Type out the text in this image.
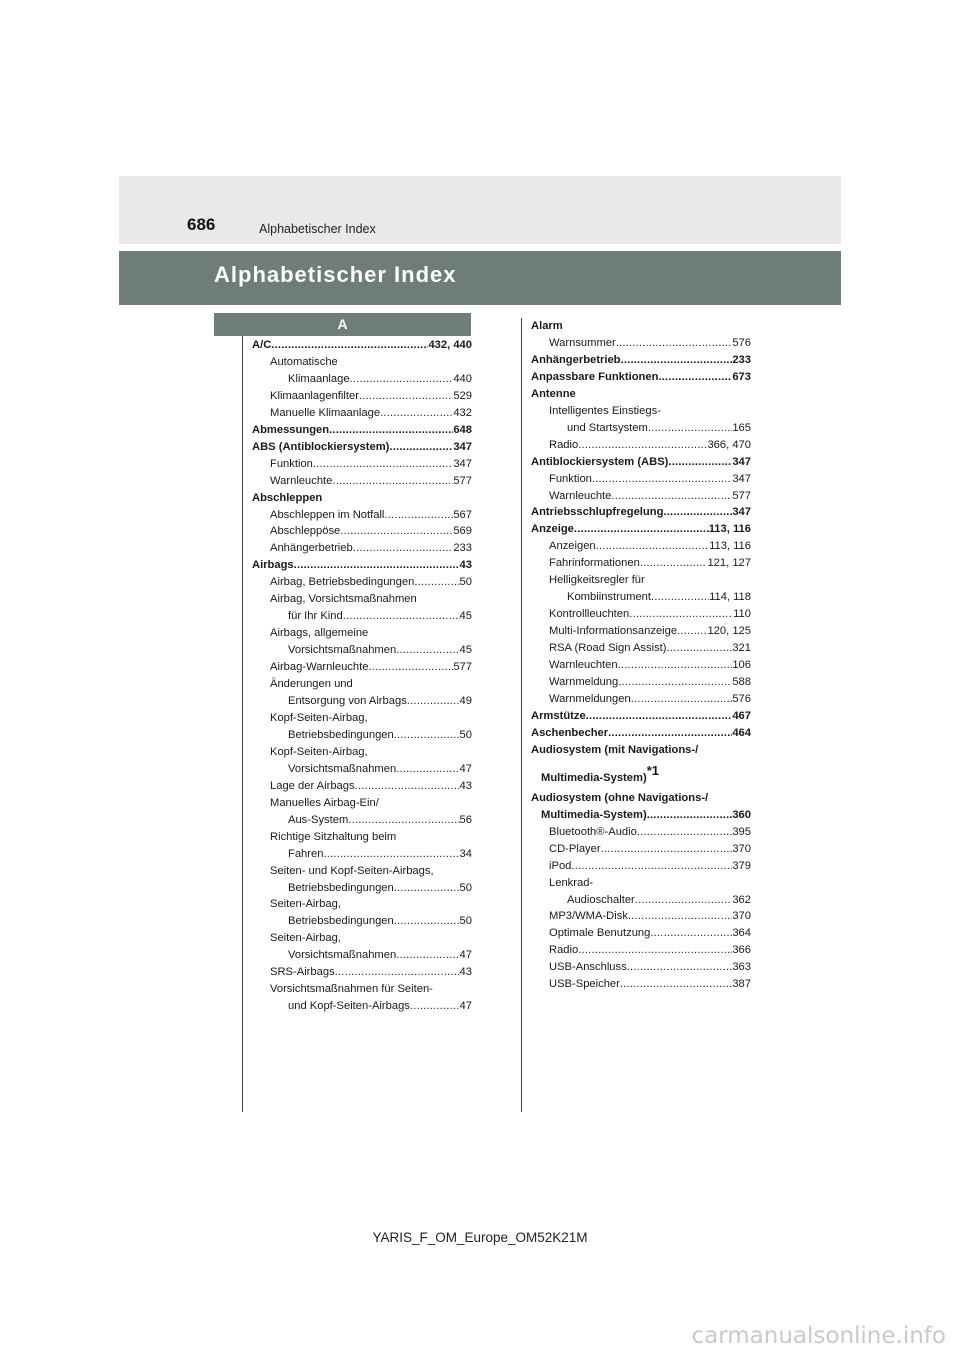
686	Alphabetischer Index
Alphabetischer Index
A
A/C .....	432, 440
Automatische
Klimaanlage .....	440
Klimaanlagenfilter .....	529
Manuelle Klimaanlage .....	432
Abmessungen .....	648
ABS (Antiblockiersystem) .....	347
Funktion .....	347
Warnleuchte .....	577
Abschleppen
Abschleppen im Notfall .....	567
Abschleppöse .....	569
Anhängerbetrieb .....	233
Airbags .....	43
Airbag, Betriebsbedingungen .....	50
Airbag, Vorsichtsmaßnahmen
für Ihr Kind .....	45
Airbags, allgemeine
Vorsichtsmaßnahmen .....	45
Airbag-Warnleuchte .....	577
Änderungen und
Entsorgung von Airbags .....	49
Kopf-Seiten-Airbag,
Betriebsbedingungen .....	50
Kopf-Seiten-Airbag,
Vorsichtsmaßnahmen .....	47
Lage der Airbags .....	43
Manuelles Airbag-Ein/
Aus-System .....	56
Richtige Sitzhaltung beim
Fahren .....	34
Seiten- und Kopf-Seiten-Airbags,
Betriebsbedingungen .....	50
Seiten-Airbag,
Betriebsbedingungen .....	50
Seiten-Airbag,
Vorsichtsmaßnahmen .....	47
SRS-Airbags .....	43
Vorsichtsmaßnahmen für Seiten-
und Kopf-Seiten-Airbags .....	47
Alarm
Warnsummer .....	576
Anhängerbetrieb .....	233
Anpassbare Funktionen .....	673
Antenne
Intelligentes Einstiegs-
und Startsystem .....	165
Radio .....	366, 470
Antiblockiersystem (ABS) .....	347
Funktion .....	347
Warnleuchte .....	577
Antriebsschlupfregelung .....	347
Anzeige .....	113, 116
Anzeigen .....	113, 116
Fahrinformationen .....	121, 127
Helligkeitsregler für
Kombiinstrument .....	114, 118
Kontrollleuchten .....	110
Multi-Informationsanzeige .....	120, 125
RSA (Road Sign Assist) .....	321
Warnleuchten .....	106
Warnmeldung .....	588
Warnmeldungen .....	576
Armstütze .....	467
Aschenbecher .....	464
Audiosystem (mit Navigations-/
Multimedia-System)$^{*1}$
Audiosystem (ohne Navigations-/
Multimedia-System) .....	360
Bluetooth®-Audio .....	395
CD-Player .....	370
iPod .....	379
Lenkrad-
Audioschalter .....	362
MP3/WMA-Disk .....	370
Optimale Benutzung .....	364
Radio .....	366
USB-Anschluss .....	363
USB-Speicher .....	387
YARIS_F_OM_Europe_OM52K21M
carmanualsonline.info
